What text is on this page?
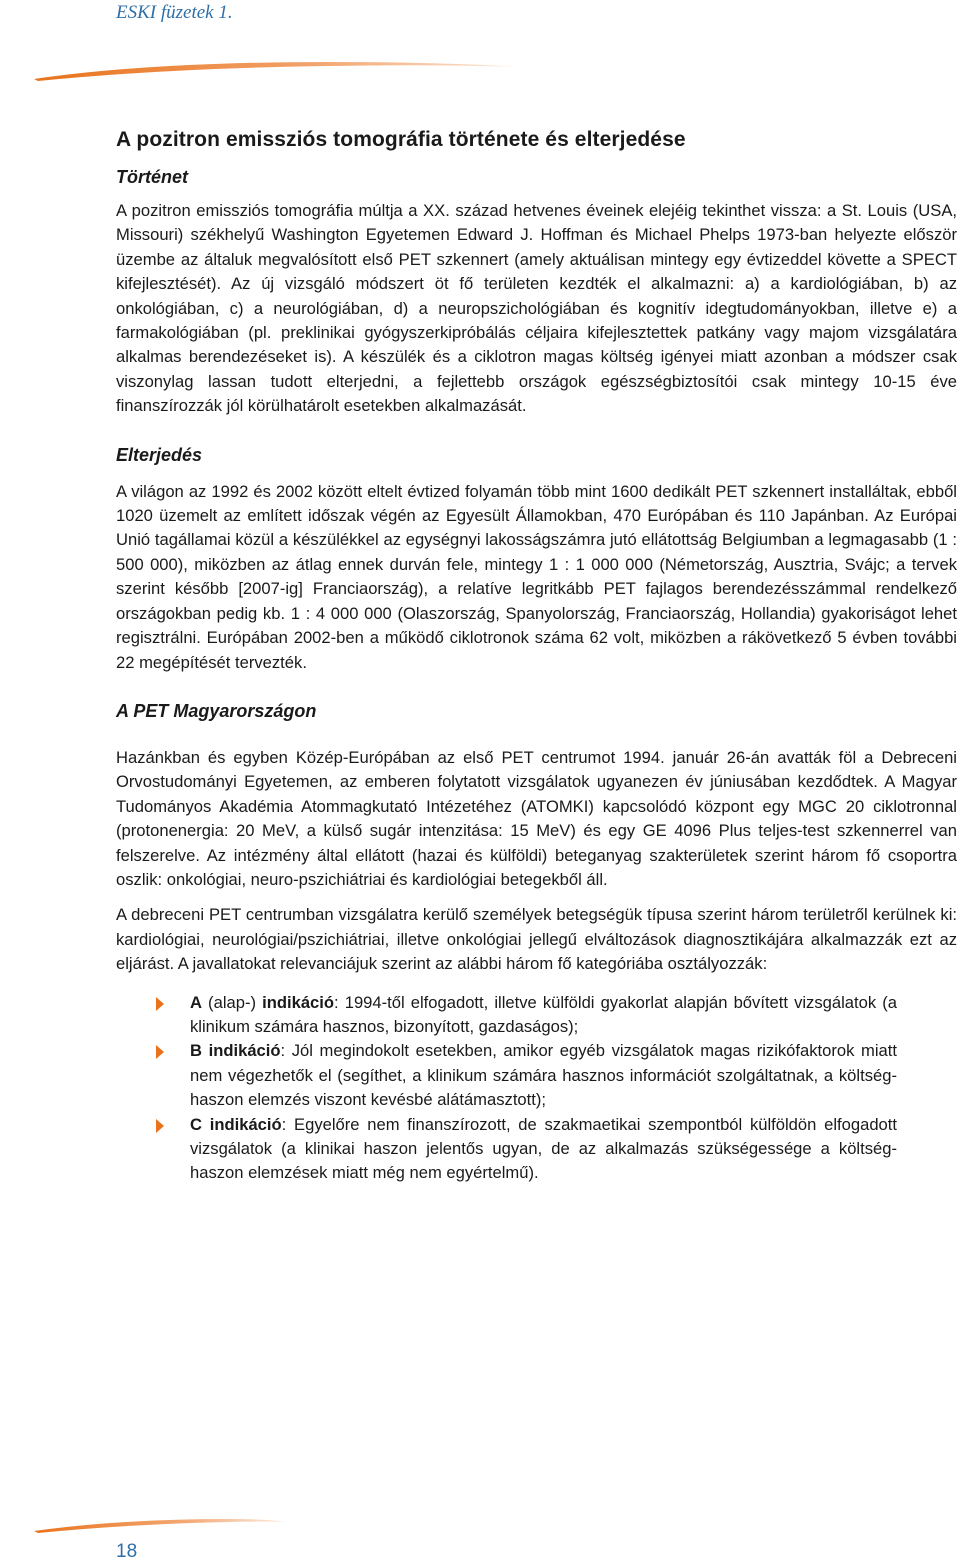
ESKI füzetek 1.
A pozitron emissziós tomográfia története és elterjedése
Történet

A pozitron emissziós tomográfia múltja a XX. század hetvenes éveinek elejéig tekinthet vissza: a St. Louis (USA, Missouri) székhelyű Washington Egyetemen Edward J. Hoffman és Michael Phelps 1973-ban helyezte először üzembe az általuk megvalósított első PET szkennert (amely aktuálisan mintegy egy évtizeddel követte a SPECT kifejlesztését). Az új vizsgáló módszert öt fő területen kezdték el alkalmazni: a) a kardiológiában, b) az onkológiában, c) a neurológiában, d) a neuropszichológiában és kognitív idegtudományokban, illetve e) a farmakológiában (pl. preklinikai gyógyszerkipróbálás céljaira kifejlesztettek patkány vagy majom vizsgálatára alkalmas berendezéseket is). A készülék és a ciklotron magas költség igényei miatt azonban a módszer csak viszonylag lassan tudott elterjedni, a fejlettebb országok egészségbiztosítói csak mintegy 10-15 éve finanszírozzák jól körülhatárolt esetekben alkalmazását.

Elterjedés

A világon az 1992 és 2002 között eltelt évtized folyamán több mint 1600 dedikált PET szkennert installáltak, ebből 1020 üzemelt az említett időszak végén az Egyesült Államokban, 470 Európában és 110 Japánban. Az Európai Unió tagállamai közül a készülékkel az egységnyi lakosságszámra jutó ellátottság Belgiumban a legmagasabb (1 : 500 000), miközben az átlag ennek durván fele, mintegy 1 : 1 000 000 (Németország, Ausztria, Svájc; a tervek szerint később [2007-ig] Franciaország), a relatíve legritkább PET fajlagos berendezésszámmal rendelkező országokban pedig kb. 1 : 4 000 000 (Olaszország, Spanyolország, Franciaország, Hollandia) gyakoriságot lehet regisztrálni. Európában 2002-ben a működő ciklotronok száma 62 volt, miközben a rákövetkező 5 évben további 22 megépítését tervezték.

A PET Magyarországon

Hazánkban és egyben Közép-Európában az első PET centrumot 1994. január 26-án avatták föl a Debreceni Orvostudományi Egyetemen, az emberen folytatott vizsgálatok ugyanezen év júniusában kezdődtek. A Magyar Tudományos Akadémia Atommagkutató Intézetéhez (ATOMKI) kapcsolódó központ egy MGC 20 ciklotronnal (protonenergia: 20 MeV, a külső sugár intenzitása: 15 MeV) és egy GE 4096 Plus teljes-test szkennerrel van felszerelve. Az intézmény által ellátott (hazai és külföldi) beteganyag szakterületek szerint három fő csoportra oszlik: onkológiai, neuro-pszichiátriai és kardiológiai betegekből áll.

A debreceni PET centrumban vizsgálatra kerülő személyek betegségük típusa szerint három területről kerülnek ki: kardiológiai, neurológiai/pszichiátriai, illetve onkológiai jellegű elváltozások diagnosztikájára alkalmazzák ezt az eljárást. A javallatokat relevanciájuk szerint az alábbi három fő kategóriába osztályozzák:

A (alap-) indikáció: 1994-től elfogadott, illetve külföldi gyakorlat alapján bővített vizsgálatok (a klinikum számára hasznos, bizonyított, gazdaságos);
B indikáció: Jól megindokolt esetekben, amikor egyéb vizsgálatok magas rizikófaktorok miatt nem végezhetők el (segíthet, a klinikum számára hasznos információt szolgáltatnak, a költség-haszon elemzés viszont kevésbé alátámasztott);
C indikáció: Egyelőre nem finanszírozott, de szakmaetikai szempontból külföldön elfogadott vizsgálatok (a klinikai haszon jelentős ugyan, de az alkalmazás szükségessége a költség-haszon elemzések miatt még nem egyértelmű).
18
